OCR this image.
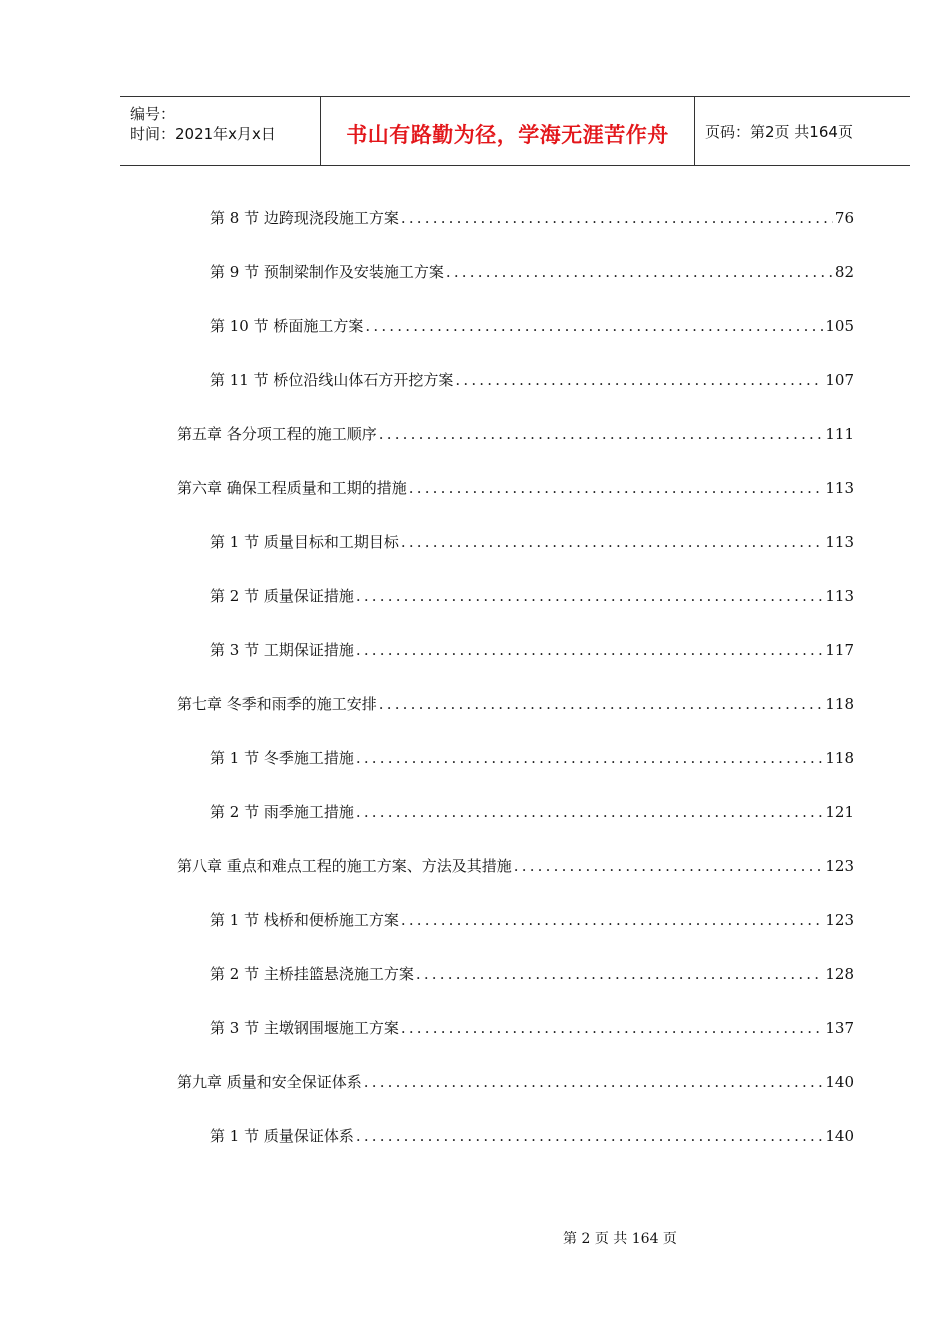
编号：
时间：2021年x月x日	书山有路勤为径，学海无涯苦作舟	页码：第2页 共164页
第 8 节 边跨现浇段施工方案 .....	76
第 9 节 预制梁制作及安装施工方案 .....	82
第 10 节 桥面施工方案 .....	105
第 11 节 桥位沿线山体石方开挖方案 .....	107
第五章 各分项工程的施工顺序 .....	111
第六章 确保工程质量和工期的措施 .....	113
第 1 节 质量目标和工期目标 .....	113
第 2 节 质量保证措施 .....	113
第 3 节 工期保证措施 .....	117
第七章 冬季和雨季的施工安排 .....	118
第 1 节 冬季施工措施 .....	118
第 2 节 雨季施工措施 .....	121
第八章 重点和难点工程的施工方案、方法及其措施 .....	123
第 1 节 栈桥和便桥施工方案 .....	123
第 2 节 主桥挂篮悬浇施工方案 .....	128
第 3 节 主墩钢围堰施工方案 .....	137
第九章 质量和安全保证体系 .....	140
第 1 节 质量保证体系 .....	140
第 2 页 共 164 页
